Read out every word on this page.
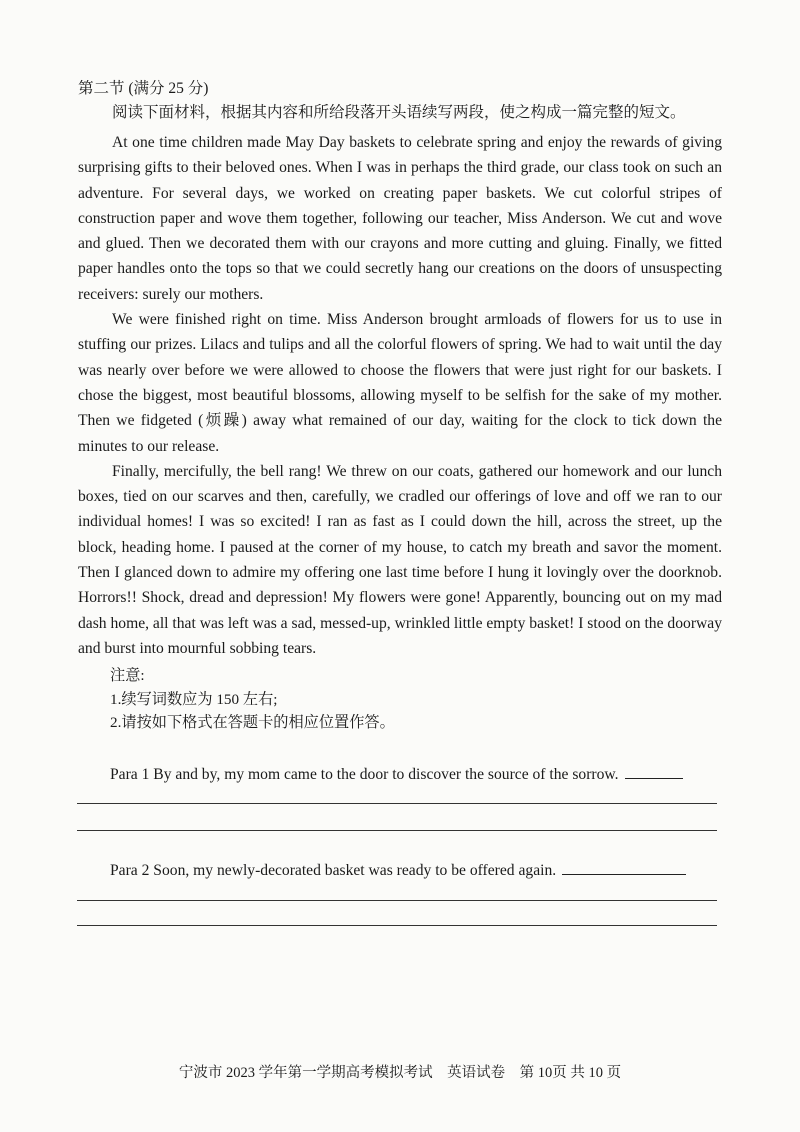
第二节 (满分 25 分)
阅读下面材料，根据其内容和所给段落开头语续写两段，使之构成一篇完整的短文。

At one time children made May Day baskets to celebrate spring and enjoy the rewards of giving surprising gifts to their beloved ones. When I was in perhaps the third grade, our class took on such an adventure. For several days, we worked on creating paper baskets. We cut colorful stripes of construction paper and wove them together, following our teacher, Miss Anderson. We cut and wove and glued. Then we decorated them with our crayons and more cutting and gluing. Finally, we fitted paper handles onto the tops so that we could secretly hang our creations on the doors of unsuspecting receivers: surely our mothers.

We were finished right on time. Miss Anderson brought armloads of flowers for us to use in stuffing our prizes. Lilacs and tulips and all the colorful flowers of spring. We had to wait until the day was nearly over before we were allowed to choose the flowers that were just right for our baskets. I chose the biggest, most beautiful blossoms, allowing myself to be selfish for the sake of my mother. Then we fidgeted (烦躁) away what remained of our day, waiting for the clock to tick down the minutes to our release.

Finally, mercifully, the bell rang! We threw on our coats, gathered our homework and our lunch boxes, tied on our scarves and then, carefully, we cradled our offerings of love and off we ran to our individual homes! I was so excited! I ran as fast as I could down the hill, across the street, up the block, heading home. I paused at the corner of my house, to catch my breath and savor the moment. Then I glanced down to admire my offering one last time before I hung it lovingly over the doorknob. Horrors!! Shock, dread and depression! My flowers were gone! Apparently, bouncing out on my mad dash home, all that was left was a sad, messed-up, wrinkled little empty basket! I stood on the doorway and burst into mournful sobbing tears.

注意:
1.续写词数应为 150 左右;
2.请按如下格式在答题卡的相应位置作答。
Para 1 By and by, my mom came to the door to discover the source of the sorrow.
Para 2 Soon, my newly-decorated basket was ready to be offered again.
宁波市 2023 学年第一学期高考模拟考试　英语试卷　第 10页 共 10 页
